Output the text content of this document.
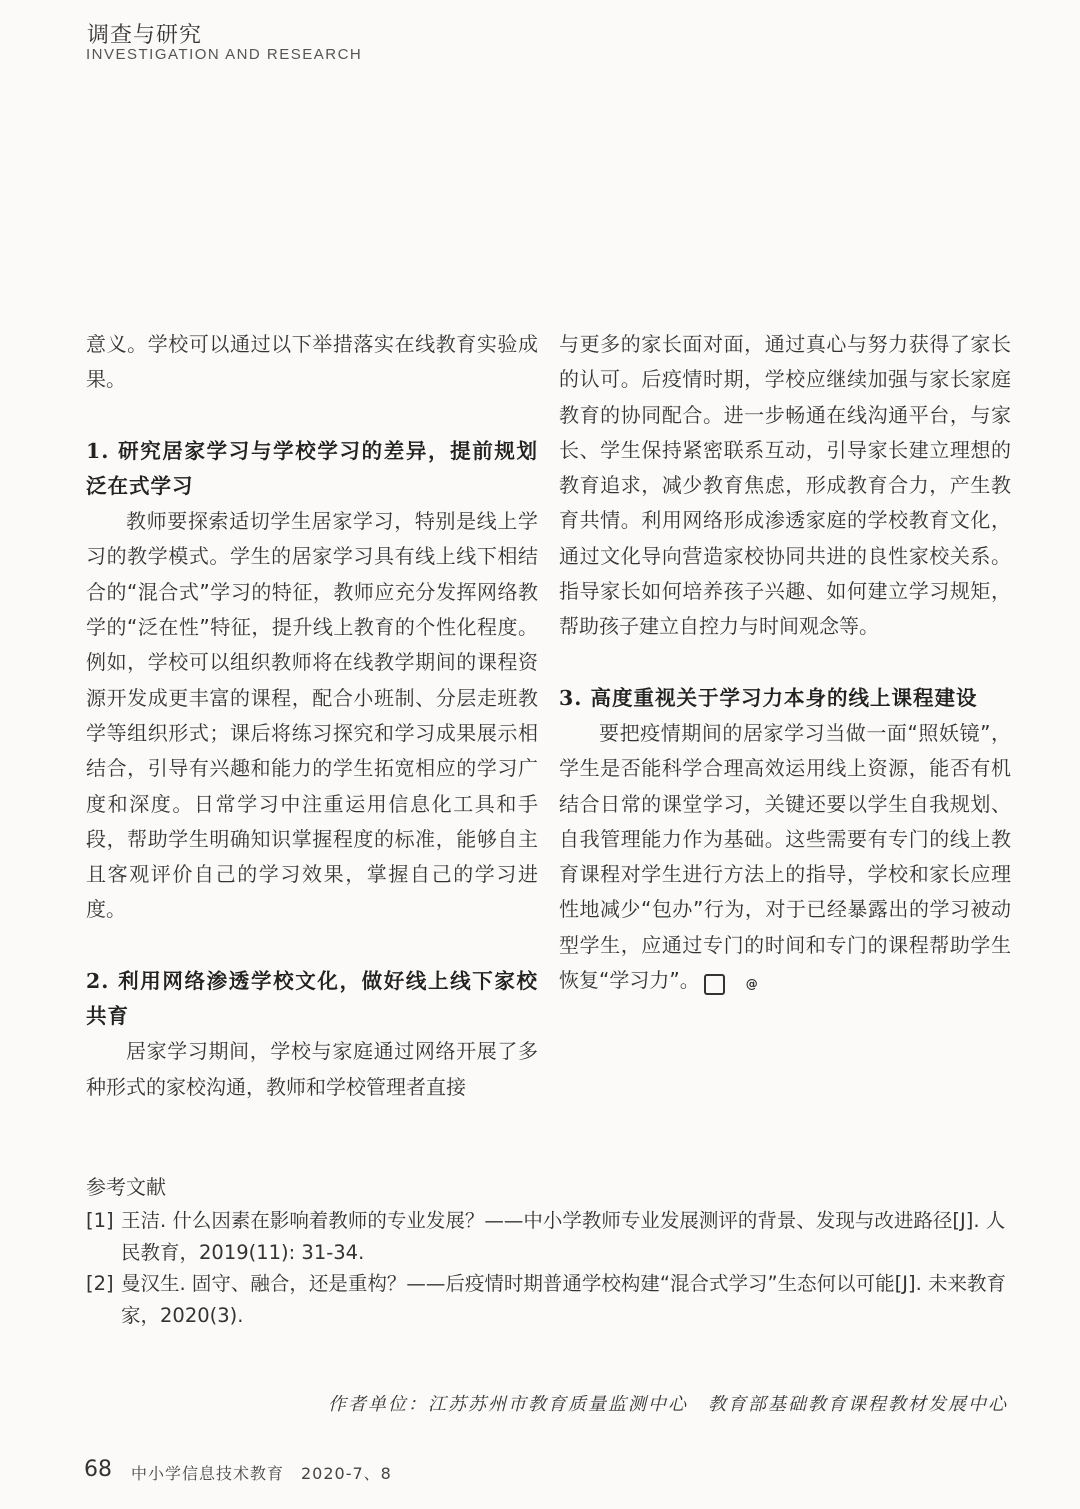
调查与研究
INVESTIGATION AND RESEARCH

意义。学校可以通过以下举措落实在线教育实验成果。

1. 研究居家学习与学校学习的差异，提前规划泛在式学习

教师要探索适切学生居家学习，特别是线上学习的教学模式。学生的居家学习具有线上线下相结合的“混合式”学习的特征，教师应充分发挥网络教学的“泛在性”特征，提升线上教育的个性化程度。例如，学校可以组织教师将在线教学期间的课程资源开发成更丰富的课程，配合小班制、分层走班教学等组织形式；课后将练习探究和学习成果展示相结合，引导有兴趣和能力的学生拓宽相应的学习广度和深度。日常学习中注重运用信息化工具和手段，帮助学生明确知识掌握程度的标准，能够自主且客观评价自己的学习效果，掌握自己的学习进度。

2. 利用网络渗透学校文化，做好线上线下家校共育

居家学习期间，学校与家庭通过网络开展了多种形式的家校沟通，教师和学校管理者直接

与更多的家长面对面，通过真心与努力获得了家长的认可。后疫情时期，学校应继续加强与家长家庭教育的协同配合。进一步畅通在线沟通平台，与家长、学生保持紧密联系互动，引导家长建立理想的教育追求，减少教育焦虑，形成教育合力，产生教育共情。利用网络形成渗透家庭的学校教育文化，通过文化导向营造家校协同共进的良性家校关系。指导家长如何培养孩子兴趣、如何建立学习规矩，帮助孩子建立自控力与时间观念等。

3. 高度重视关于学习力本身的线上课程建设

要把疫情期间的居家学习当做一面“照妖镜”，学生是否能科学合理高效运用线上资源，能否有机结合日常的课堂学习，关键还要以学生自我规划、自我管理能力作为基础。这些需要有专门的线上教育课程对学生进行方法上的指导，学校和家长应理性地减少“包办”行为，对于已经暴露出的学习被动型学生，应通过专门的时间和专门的课程帮助学生恢复“学习力”。	@

参考文献
[1] 王洁. 什么因素在影响着教师的专业发展？——中小学教师专业发展测评的背景、发现与改进路径[J]. 人民教育，2019(11): 31-34.
[2] 曼汉生. 固守、融合，还是重构？——后疫情时期普通学校构建“混合式学习”生态何以可能[J]. 未来教育家，2020(3).
作者单位：江苏苏州市教育质量监测中心　教育部基础教育课程教材发展中心
68 中小学信息技术教育　2020-7、8
